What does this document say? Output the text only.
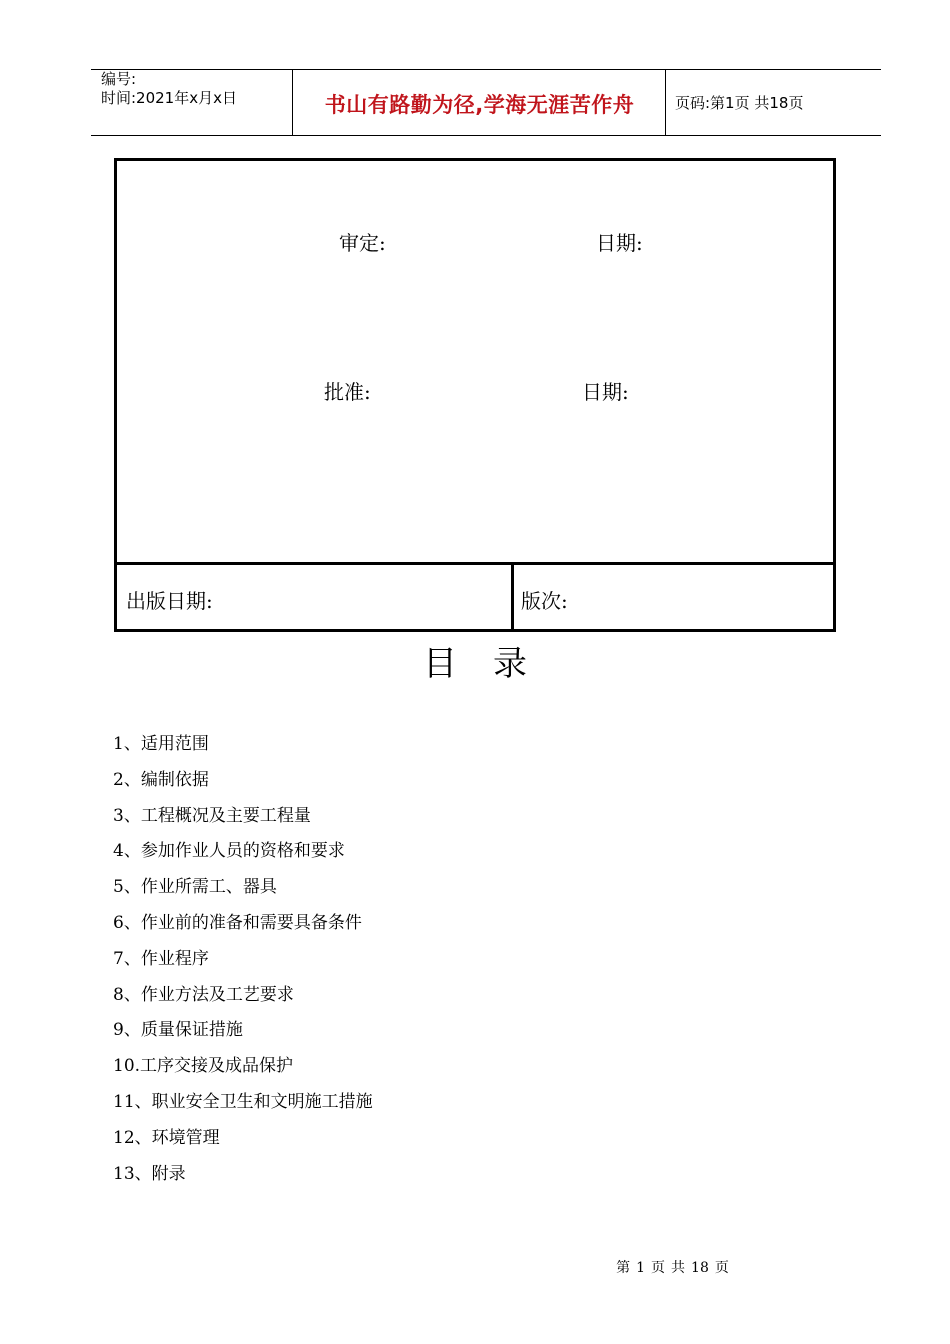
编号:
时间:2021年x月x日	书山有路勤为径,学海无涯苦作舟	页码:第1页 共18页
审定:	日期:
批准:	日期:
出版日期:	版次:
目录
1、适用范围
2、编制依据
3、工程概况及主要工程量
4、参加作业人员的资格和要求
5、作业所需工、器具
6、作业前的准备和需要具备条件
7、作业程序
8、作业方法及工艺要求
9、质量保证措施
10.工序交接及成品保护
11、职业安全卫生和文明施工措施
12、环境管理
13、附录
第 1 页 共 18 页
